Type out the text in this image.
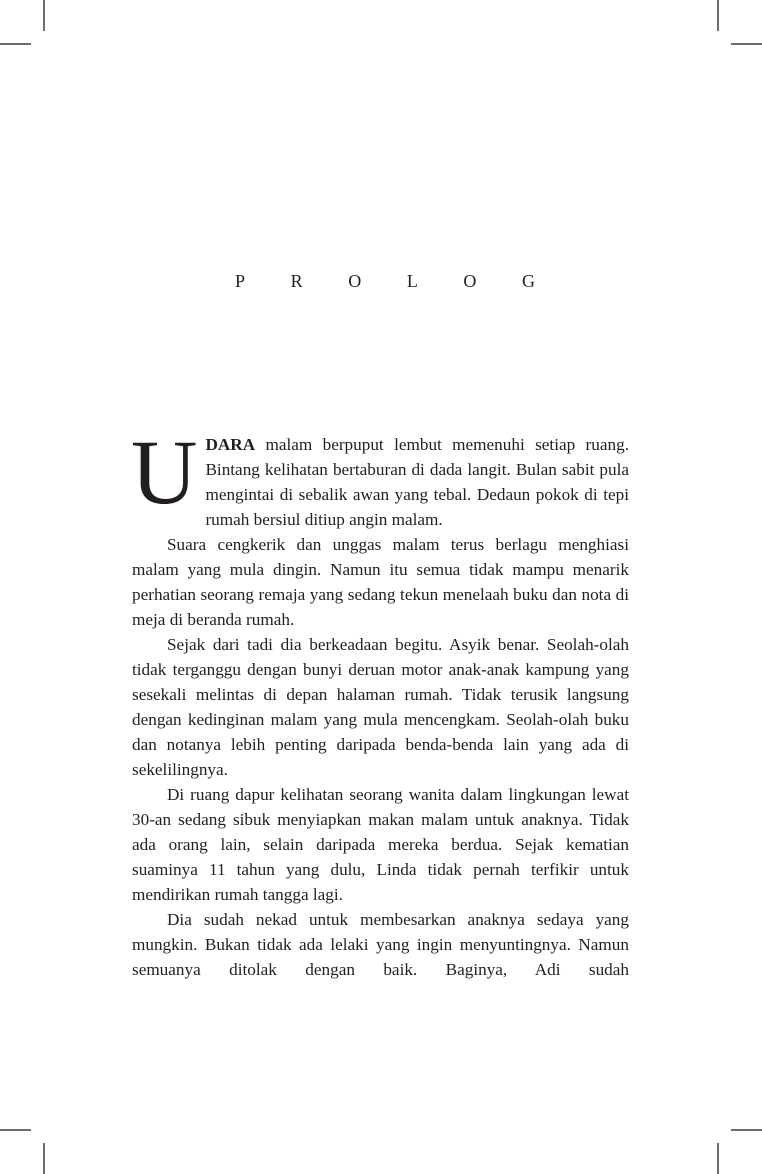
P	R	O	L	O	G

UDARA malam berpuput lembut memenuhi setiap ruang. Bintang kelihatan bertaburan di dada langit. Bulan sabit pula mengintai di sebalik awan yang tebal. Dedaun pokok di tepi rumah bersiul ditiup angin malam.

Suara cengkerik dan unggas malam terus berlagu menghiasi malam yang mula dingin. Namun itu semua tidak mampu menarik perhatian seorang remaja yang sedang tekun menelaah buku dan nota di meja di beranda rumah.

Sejak dari tadi dia berkeadaan begitu. Asyik benar. Seolah-olah tidak terganggu dengan bunyi deruan motor anak-anak kampung yang sesekali melintas di depan halaman rumah. Tidak terusik langsung dengan kedinginan malam yang mula mencengkam. Seolah-olah buku dan notanya lebih penting daripada benda-benda lain yang ada di sekelilingnya.

Di ruang dapur kelihatan seorang wanita dalam lingkungan lewat 30-an sedang sibuk menyiapkan makan malam untuk anaknya. Tidak ada orang lain, selain daripada mereka berdua. Sejak kematian suaminya 11 tahun yang dulu, Linda tidak pernah terfikir untuk mendirikan rumah tangga lagi.

Dia sudah nekad untuk membesarkan anaknya sedaya yang mungkin. Bukan tidak ada lelaki yang ingin menyuntingnya. Namun semuanya ditolak dengan baik. Baginya, Adi sudah
